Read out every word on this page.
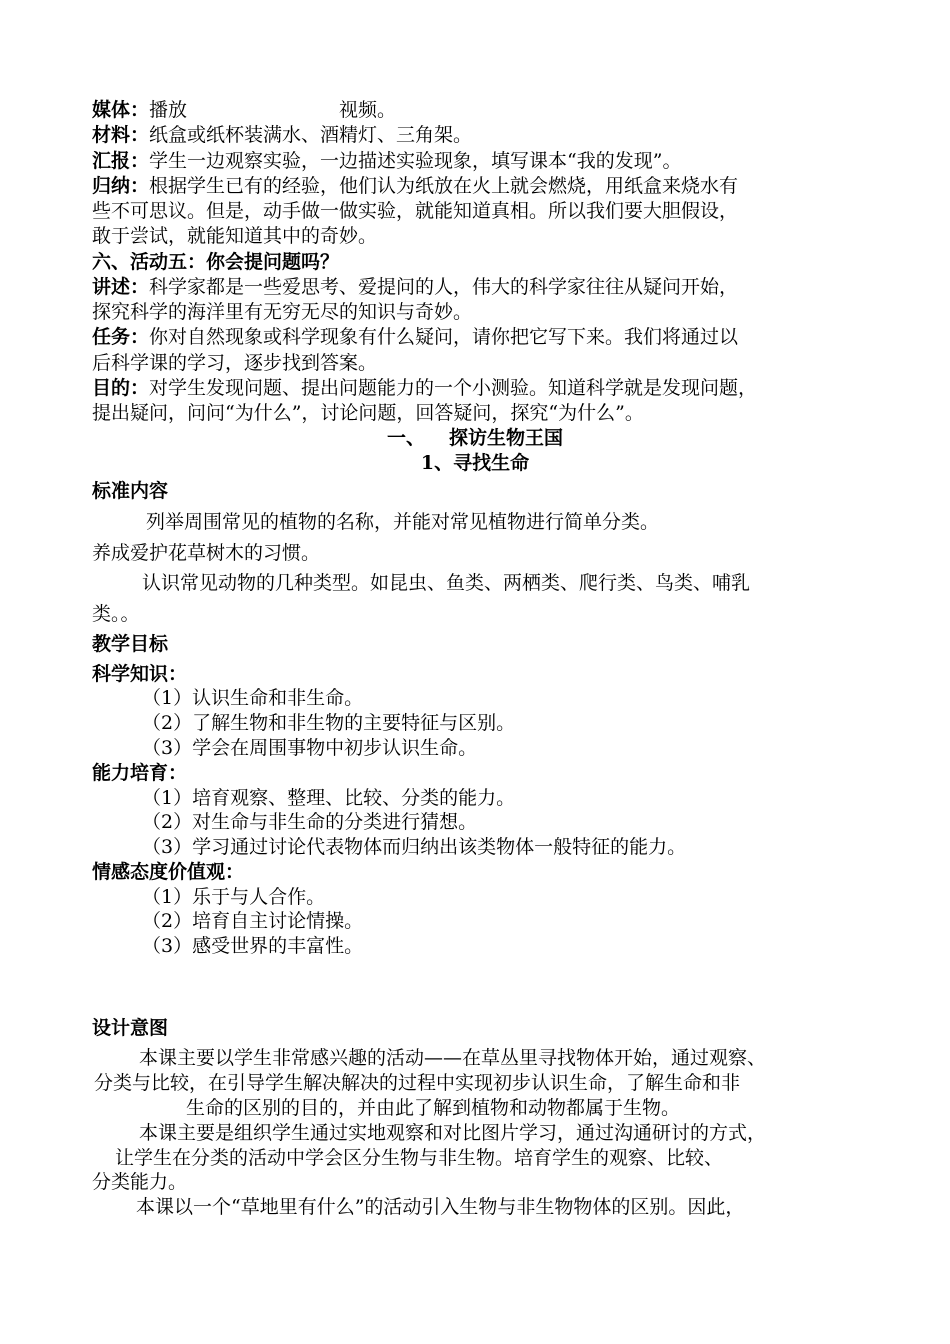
媒体：播放	视频。
材料：纸盒或纸杯装满水、酒精灯、三角架。
汇报：学生一边观察实验，一边描述实验现象，填写课本“我的发现”。
归纳：根据学生已有的经验，他们认为纸放在火上就会燃烧，用纸盒来烧水有
些不可思议。但是，动手做一做实验，就能知道真相。所以我们要大胆假设，
敢于尝试，就能知道其中的奇妙。
六、活动五：你会提问题吗？
讲述：科学家都是一些爱思考、爱提问的人，伟大的科学家往往从疑问开始，
探究科学的海洋里有无穷无尽的知识与奇妙。
任务：你对自然现象或科学现象有什么疑问，请你把它写下来。我们将通过以
后科学课的学习，逐步找到答案。
目的：对学生发现问题、提出问题能力的一个小测验。知道科学就是发现问题，
提出疑问，问问“为什么”，讨论问题，回答疑问，探究“为什么”。
一、 探访生物王国
1、寻找生命
标准内容
列举周围常见的植物的名称，并能对常见植物进行简单分类。
养成爱护花草树木的习惯。
认识常见动物的几种类型。如昆虫、鱼类、两栖类、爬行类、鸟类、哺乳
类。。
教学目标
科学知识：
（1）认识生命和非生命。
（2）了解生物和非生物的主要特征与区别。
（3）学会在周围事物中初步认识生命。
能力培育：
（1）培育观察、整理、比较、分类的能力。
（2）对生命与非生命的分类进行猜想。
（3）学习通过讨论代表物体而归纳出该类物体一般特征的能力。
情感态度价值观：
（1）乐于与人合作。
（2）培育自主讨论情操。
（3）感受世界的丰富性。
设计意图
本课主要以学生非常感兴趣的活动——在草丛里寻找物体开始，通过观察、
分类与比较，在引导学生解决解决的过程中实现初步认识生命，了解生命和非
生命的区别的目的，并由此了解到植物和动物都属于生物。
本课主要是组织学生通过实地观察和对比图片学习，通过沟通研讨的方式，
让学生在分类的活动中学会区分生物与非生物。培育学生的观察、比较、
分类能力。
本课以一个“草地里有什么”的活动引入生物与非生物物体的区别。因此，
